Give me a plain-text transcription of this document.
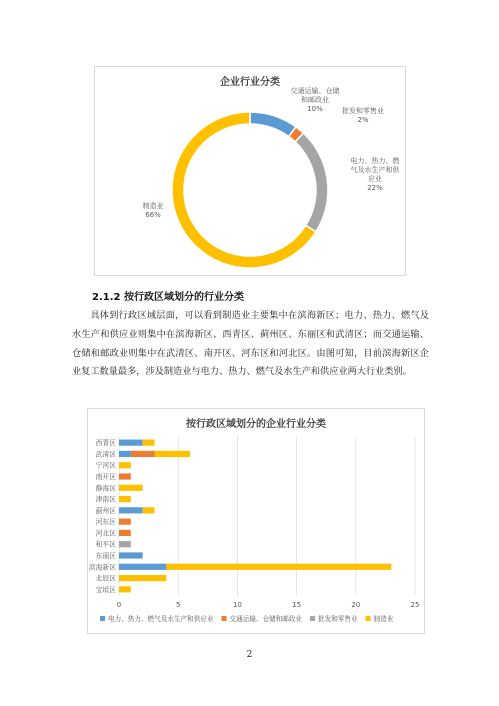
企业行业分类
交通运输、仓储
和邮政业
10%	批发和零售业
2%
电力、热力、燃
气及水生产和供
应业
22%
制造业
66%
2.1.2 按行政区域划分的行业分类

具体到行政区域层面，可以看到制造业主要集中在滨海新区；电力、热力、燃气及水生产和供应业则集中在滨海新区、西青区、蓟州区、东丽区和武清区；而交通运输、仓储和邮政业则集中在武清区、南开区、河东区和河北区。由图可知，目前滨海新区企业复工数量最多，涉及制造业与电力、热力、燃气及水生产和供应业两大行业类别。

按行政区域划分的企业行业分类
0	5	10	15	20	25
西青区
武清区
宁河区
南开区
静海区
津南区
蓟州区
河东区
河北区
和平区
东丽区
滨海新区
北辰区
宝坻区
电力、热力、燃气及水生产和供应业 交通运输、仓储和邮政业 批发和零售业 制造业
2
